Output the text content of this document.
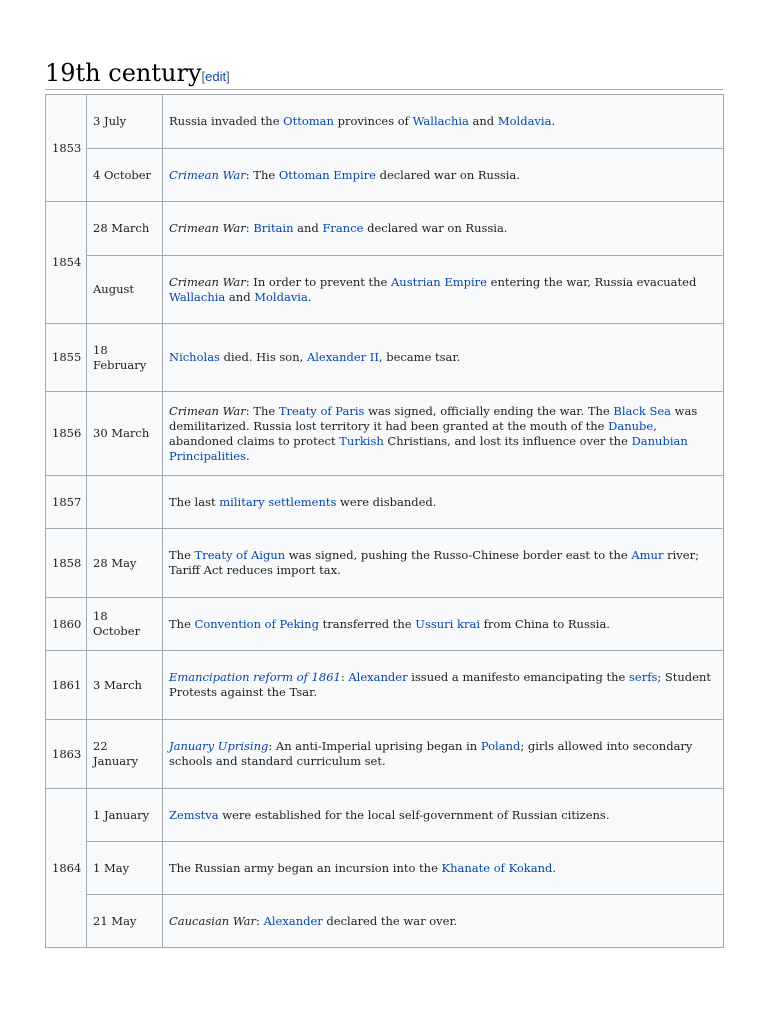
19th century[edit]
1853	3 July	Russia invaded the Ottoman provinces of Wallachia and Moldavia.
	4 October	Crimean War: The Ottoman Empire declared war on Russia.
1854	28 March	Crimean War: Britain and France declared war on Russia.
	August	Crimean War: In order to prevent the Austrian Empire entering the war, Russia evacuated Wallachia and Moldavia.
1855	18 February	Nicholas died. His son, Alexander II, became tsar.
1856	30 March	Crimean War: The Treaty of Paris was signed, officially ending the war. The Black Sea was demilitarized. Russia lost territory it had been granted at the mouth of the Danube, abandoned claims to protect Turkish Christians, and lost its influence over the Danubian Principalities.
1857		The last military settlements were disbanded.
1858	28 May	The Treaty of Aigun was signed, pushing the Russo-Chinese border east to the Amur river; Tariff Act reduces import tax.
1860	18 October	The Convention of Peking transferred the Ussuri krai from China to Russia.
1861	3 March	Emancipation reform of 1861: Alexander issued a manifesto emancipating the serfs; Student Protests against the Tsar.
1863	22 January	January Uprising: An anti-Imperial uprising began in Poland; girls allowed into secondary schools and standard curriculum set.
1864	1 January	Zemstva were established for the local self-government of Russian citizens.
	1 May	The Russian army began an incursion into the Khanate of Kokand.
	21 May	Caucasian War: Alexander declared the war over.
